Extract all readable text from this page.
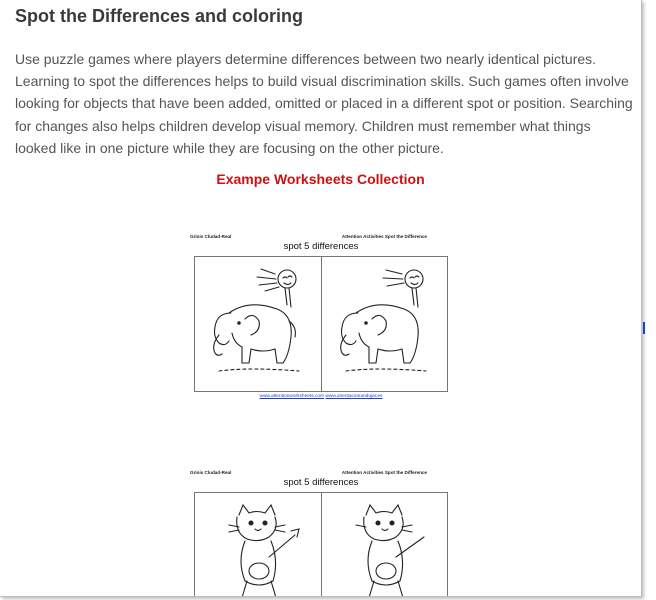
Spot the Differences and coloring

Use puzzle games where players determine differences between two nearly identical pictures. Learning to spot the differences helps to build visual discrimination skills. Such games often involve looking for objects that have been added, omitted or placed in a different spot or position. Searching for changes also helps children develop visual memory. Children must remember what things looked like in one picture while they are focusing on the other picture.

Exampe Worksheets Collection
Grinis Cludad-Real	Attention Activities Spot the Difference
spot 5 differences
www.attentionworksheets.com www.orientacionandujar.es
Grinis Cludad-Real	Attention Activities Spot the Difference
spot 5 differences
